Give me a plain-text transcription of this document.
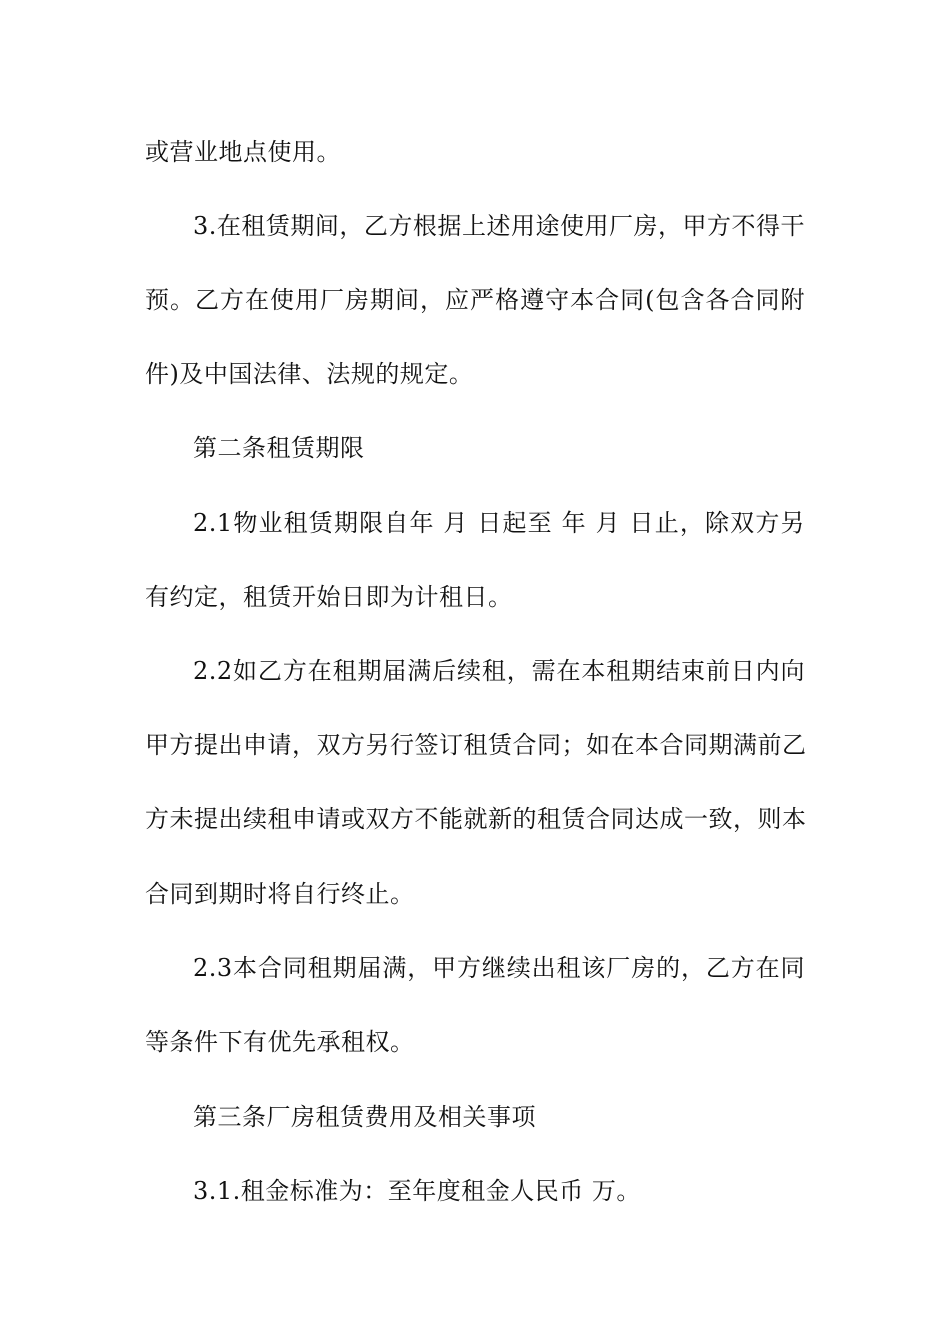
或营业地点使用。
3.在租赁期间，乙方根据上述用途使用厂房，甲方不得干
预。乙方在使用厂房期间，应严格遵守本合同(包含各合同附
件)及中国法律、法规的规定。
第二条租赁期限
2.1物业租赁期限自年 月 日起至 年 月 日止，除双方另
有约定，租赁开始日即为计租日。
2.2如乙方在租期届满后续租，需在本租期结束前日内向
甲方提出申请，双方另行签订租赁合同；如在本合同期满前乙
方未提出续租申请或双方不能就新的租赁合同达成一致，则本
合同到期时将自行终止。
2.3本合同租期届满，甲方继续出租该厂房的，乙方在同
等条件下有优先承租权。
第三条厂房租赁费用及相关事项
3.1.租金标准为：至年度租金人民币 万。
